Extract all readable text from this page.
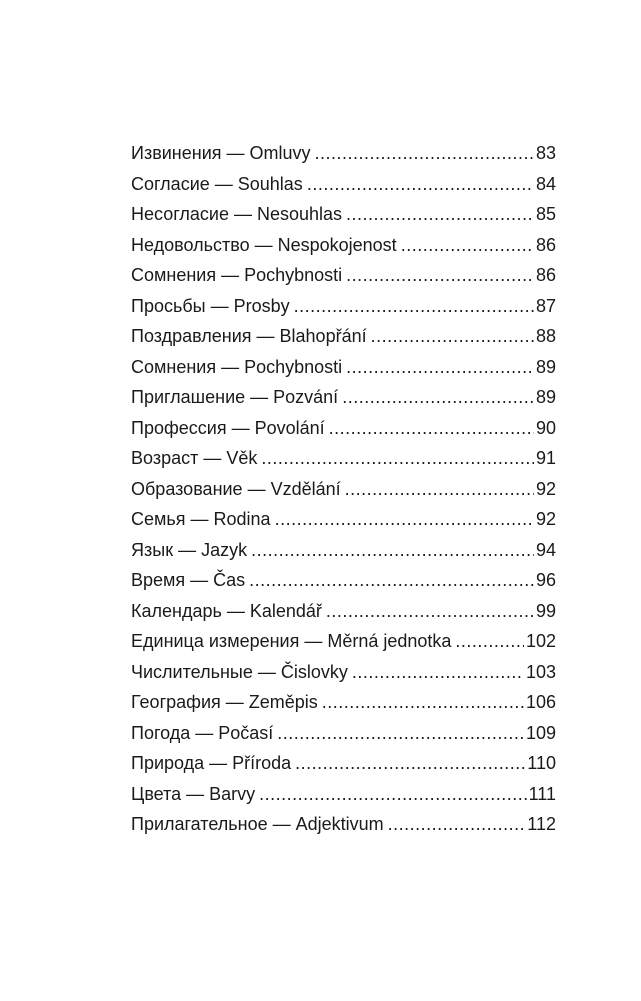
Извинения — Omluvy .....	83
Согласие — Souhlas .....	84
Несогласие — Nesouhlas .....	85
Недовольство — Nespokojenost .....	86
Сомнения — Pochybnosti .....	86
Просьбы — Prosby .....	87
Поздравления — Blahopřání .....	88
Сомнения — Pochybnosti .....	89
Приглашение — Pozvání .....	89
Профессия — Povolání .....	90
Возраст — Věk .....	91
Образование — Vzdělání .....	92
Семья — Rodina .....	92
Язык — Jazyk .....	94
Время — Čas .....	96
Календарь — Kalendář .....	99
Единица измерения — Měrná jednotka .....	102
Числительные — Čislovky .....	103
География — Zeměpis .....	106
Погода — Počasí .....	109
Природа — Příroda .....	110
Цвета — Barvy .....	111
Прилагательное — Adjektivum .....	112
